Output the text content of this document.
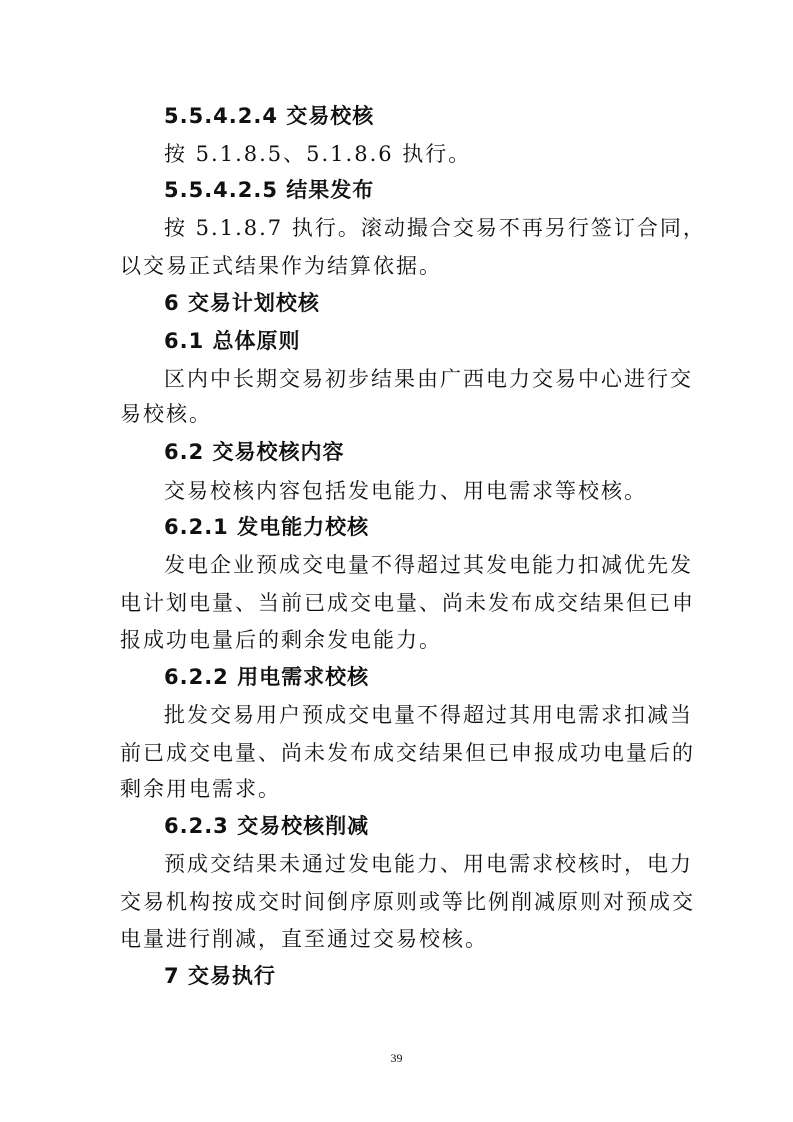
5.5.4.2.4 交易校核
按 5.1.8.5、5.1.8.6 执行。
5.5.4.2.5 结果发布
按 5.1.8.7 执行。滚动撮合交易不再另行签订合同，
以交易正式结果作为结算依据。
6 交易计划校核
6.1 总体原则
区内中长期交易初步结果由广西电力交易中心进行交
易校核。
6.2 交易校核内容
交易校核内容包括发电能力、用电需求等校核。
6.2.1 发电能力校核
发电企业预成交电量不得超过其发电能力扣减优先发
电计划电量、当前已成交电量、尚未发布成交结果但已申
报成功电量后的剩余发电能力。
6.2.2 用电需求校核
批发交易用户预成交电量不得超过其用电需求扣减当
前已成交电量、尚未发布成交结果但已申报成功电量后的
剩余用电需求。
6.2.3 交易校核削减
预成交结果未通过发电能力、用电需求校核时，电力
交易机构按成交时间倒序原则或等比例削减原则对预成交
电量进行削减，直至通过交易校核。
7 交易执行
39
